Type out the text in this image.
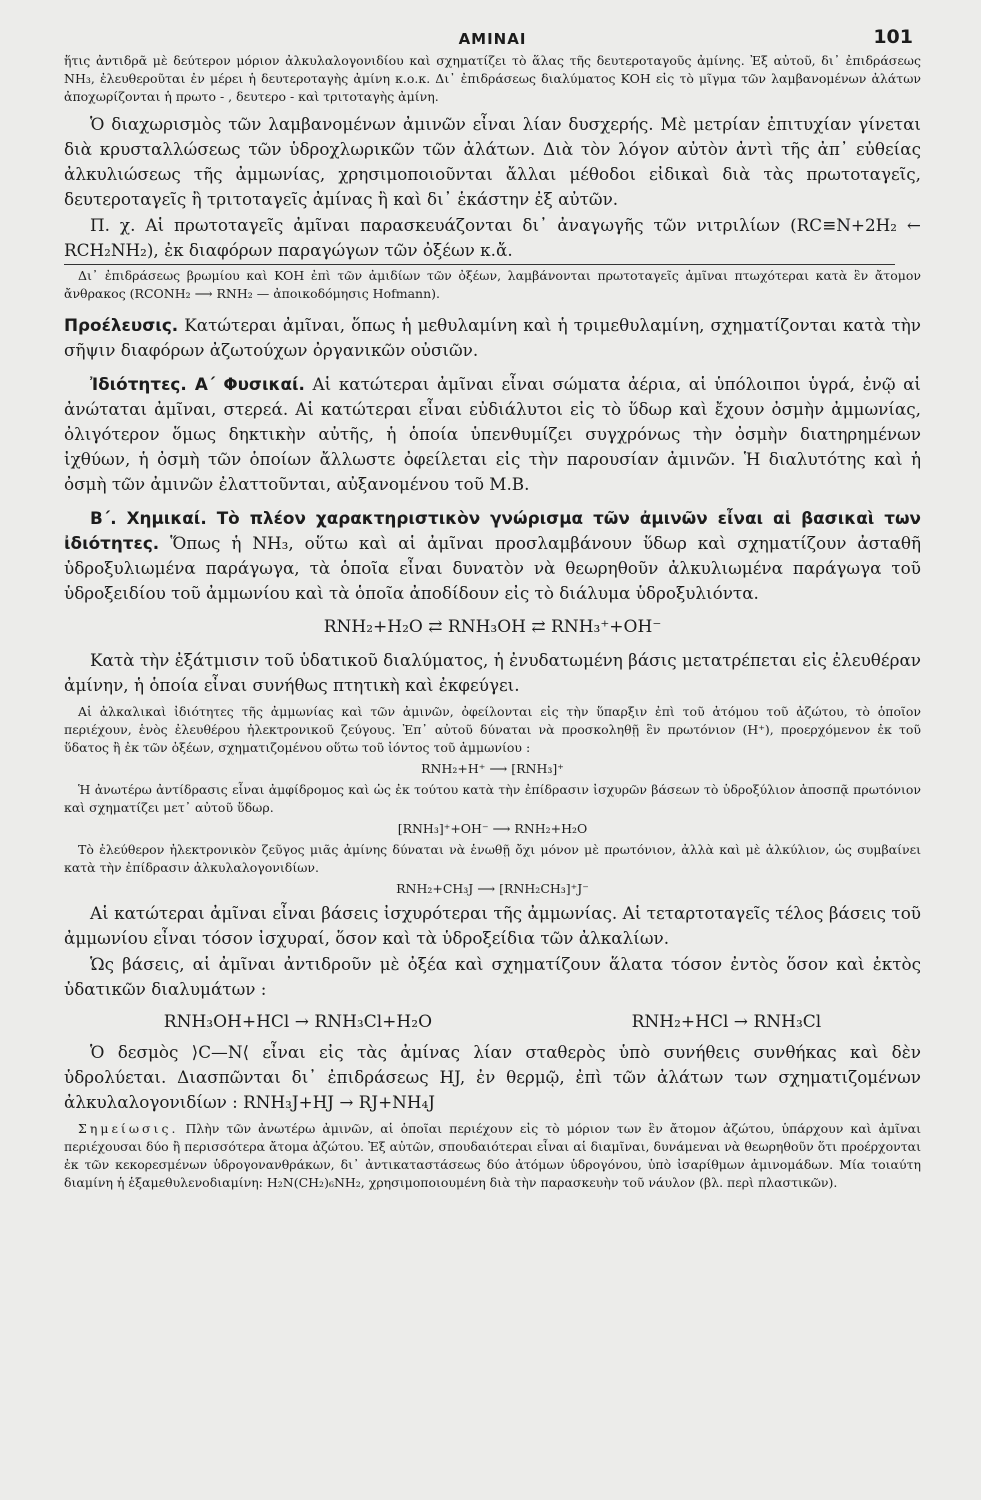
ΑΜΙΝΑΙ	101

ἥτις ἀντιδρᾶ μὲ δεύτερον μόριον ἀλκυλαλογονιδίου καὶ σχηματίζει τὸ ἅλας τῆς δευτεροταγοῦς ἀμίνης. Ἐξ αὐτοῦ, δι᾿ ἐπιδράσεως NH₃, ἐλευθεροῦται ἐν μέρει ἡ δευτεροταγὴς ἀμίνη κ.ο.κ. Δι᾿ ἐπιδράσεως διαλύματος KOH εἰς τὸ μῖγμα τῶν λαμβανομένων ἀλάτων ἀποχωρίζονται ἡ πρωτο - , δευτερο - καὶ τριτοταγὴς ἀμίνη.

Ὁ διαχωρισμὸς τῶν λαμβανομένων ἀμινῶν εἶναι λίαν δυσχερής. Μὲ μετρίαν ἐπιτυχίαν γίνεται διὰ κρυσταλλώσεως τῶν ὑδροχλωρικῶν τῶν ἀλάτων. Διὰ τὸν λόγον αὐτὸν ἀντὶ τῆς ἀπ᾿ εὐθείας ἀλκυλιώσεως τῆς ἀμμωνίας, χρησιμοποιοῦνται ἄλλαι μέθοδοι εἰδικαὶ διὰ τὰς πρωτοταγεῖς, δευτεροταγεῖς ἢ τριτοταγεῖς ἀμίνας ἢ καὶ δι᾿ ἑκάστην ἐξ αὐτῶν.

Π. χ. Αἱ πρωτοταγεῖς ἀμῖναι παρασκευάζονται δι᾿ ἀναγωγῆς τῶν νιτριλίων (RC≡N+2H₂ ← RCH₂NH₂), ἐκ διαφόρων παραγώγων τῶν ὀξέων κ.ἄ.

Δι᾿ ἐπιδράσεως βρωμίου καὶ KOH ἐπὶ τῶν ἀμιδίων τῶν ὀξέων, λαμβάνονται πρωτοταγεῖς ἀμῖναι πτωχότεραι κατὰ ἓν ἄτομον ἄνθρακος (RCONH₂ ⟶ RNH₂ — ἀποικοδόμησις Hofmann).

Προέλευσις. Κατώτεραι ἀμῖναι, ὅπως ἡ μεθυλαμίνη καὶ ἡ τριμεθυλαμίνη, σχηματίζονται κατὰ τὴν σῆψιν διαφόρων ἀζωτούχων ὀργανικῶν οὐσιῶν.

Ἰδιότητες. Α΄ Φυσικαί. Αἱ κατώτεραι ἀμῖναι εἶναι σώματα ἀέρια, αἱ ὑπόλοιποι ὑγρά, ἐνῷ αἱ ἀνώταται ἀμῖναι, στερεά. Αἱ κατώτεραι εἶναι εὐδιάλυτοι εἰς τὸ ὕδωρ καὶ ἔχουν ὀσμὴν ἀμμωνίας, ὀλιγότερον ὅμως δηκτικὴν αὐτῆς, ἡ ὁποία ὑπενθυμίζει συγχρόνως τὴν ὀσμὴν διατηρημένων ἰχθύων, ἡ ὀσμὴ τῶν ὁποίων ἄλλωστε ὀφείλεται εἰς τὴν παρουσίαν ἀμινῶν. Ἡ διαλυτότης καὶ ἡ ὀσμὴ τῶν ἀμινῶν ἐλαττοῦνται, αὐξανομένου τοῦ Μ.Β.

Β΄. Χημικαί. Τὸ πλέον χαρακτηριστικὸν γνώρισμα τῶν ἀμινῶν εἶναι αἱ βασικαὶ των ἰδιότητες. Ὅπως ἡ NH₃, οὕτω καὶ αἱ ἀμῖναι προσλαμβάνουν ὕδωρ καὶ σχηματίζουν ἀσταθῆ ὑδροξυλιωμένα παράγωγα, τὰ ὁποῖα εἶναι δυνατὸν νὰ θεωρηθοῦν ἀλκυλιωμένα παράγωγα τοῦ ὑδροξειδίου τοῦ ἀμμωνίου καὶ τὰ ὁποῖα ἀποδίδουν εἰς τὸ διάλυμα ὑδροξυλιόντα.

RNH₂+H₂O ⇄ RNH₃OH ⇄ RNH₃⁺+OH⁻

Κατὰ τὴν ἐξάτμισιν τοῦ ὑδατικοῦ διαλύματος, ἡ ἐνυδατωμένη βάσις μετατρέπεται εἰς ἐλευθέραν ἀμίνην, ἡ ὁποία εἶναι συνήθως πτητικὴ καὶ ἐκφεύγει.

Αἱ ἀλκαλικαὶ ἰδιότητες τῆς ἀμμωνίας καὶ τῶν ἀμινῶν, ὀφείλονται εἰς τὴν ὕπαρξιν ἐπὶ τοῦ ἀτόμου τοῦ ἀζώτου, τὸ ὁποῖον περιέχουν, ἑνὸς ἐλευθέρου ἠλεκτρονικοῦ ζεύγους. Ἐπ᾿ αὐτοῦ δύναται νὰ προσκοληθῇ ἓν πρωτόνιον (H⁺), προερχόμενον ἐκ τοῦ ὕδατος ἢ ἐκ τῶν ὀξέων, σχηματιζομένου οὕτω τοῦ ἰόντος τοῦ ἀμμωνίου :

RNH₂+H⁺ ⟶ [RNH₃]⁺

Ἡ ἀνωτέρω ἀντίδρασις εἶναι ἀμφίδρομος καὶ ὡς ἐκ τούτου κατὰ τὴν ἐπίδρασιν ἰσχυρῶν βάσεων τὸ ὑδροξύλιον ἀποσπᾷ πρωτόνιον καὶ σχηματίζει μετ᾿ αὐτοῦ ὕδωρ.

[RNH₃]⁺+OH⁻ ⟶ RNH₂+H₂O

Τὸ ἐλεύθερον ἠλεκτρονικὸν ζεῦγος μιᾶς ἀμίνης δύναται νὰ ἑνωθῇ ὄχι μόνον μὲ πρωτόνιον, ἀλλὰ καὶ μὲ ἀλκύλιον, ὡς συμβαίνει κατὰ τὴν ἐπίδρασιν ἀλκυλαλογονιδίων.

RNH₂+CH₃J ⟶ [RNH₂CH₃]⁺J⁻

Αἱ κατώτεραι ἀμῖναι εἶναι βάσεις ἰσχυρότεραι τῆς ἀμμωνίας. Αἱ τεταρτοταγεῖς τέλος βάσεις τοῦ ἀμμωνίου εἶναι τόσον ἰσχυραί, ὅσον καὶ τὰ ὑδροξείδια τῶν ἀλκαλίων.

Ὡς βάσεις, αἱ ἀμῖναι ἀντιδροῦν μὲ ὀξέα καὶ σχηματίζουν ἅλατα τόσον ἐντὸς ὅσον καὶ ἐκτὸς ὑδατικῶν διαλυμάτων :

RNH₃OH+HCl → RNH₃Cl+H₂O	RNH₂+HCl → RNH₃Cl

Ὁ δεσμὸς ⟩C—N⟨ εἶναι εἰς τὰς ἀμίνας λίαν σταθερὸς ὑπὸ συνήθεις συνθήκας καὶ δὲν ὑδρολύεται. Διασπῶνται δι᾿ ἐπιδράσεως HJ, ἐν θερμῷ, ἐπὶ τῶν ἀλάτων των σχηματιζομένων ἀλκυλαλογονιδίων : RNH₃J+HJ → RJ+NH₄J

Σημείωσις. Πλὴν τῶν ἀνωτέρω ἀμινῶν, αἱ ὁποῖαι περιέχουν εἰς τὸ μόριον των ἓν ἄτομον ἀζώτου, ὑπάρχουν καὶ ἀμῖναι περιέχουσαι δύο ἢ περισσότερα ἄτομα ἀζώτου. Ἐξ αὐτῶν, σπουδαιότεραι εἶναι αἱ διαμῖναι, δυνάμεναι νὰ θεωρηθοῦν ὅτι προέρχονται ἐκ τῶν κεκορεσμένων ὑδρογονανθράκων, δι᾿ ἀντικαταστάσεως δύο ἀτόμων ὑδρογόνου, ὑπὸ ἰσαρίθμων ἀμινομάδων. Μία τοιαύτη διαμίνη ἡ ἑξαμεθυλενοδιαμίνη: H₂N(CH₂)₆NH₂, χρησιμοποιουμένη διὰ τὴν παρασκευὴν τοῦ νάυλον (βλ. περὶ πλαστικῶν).
